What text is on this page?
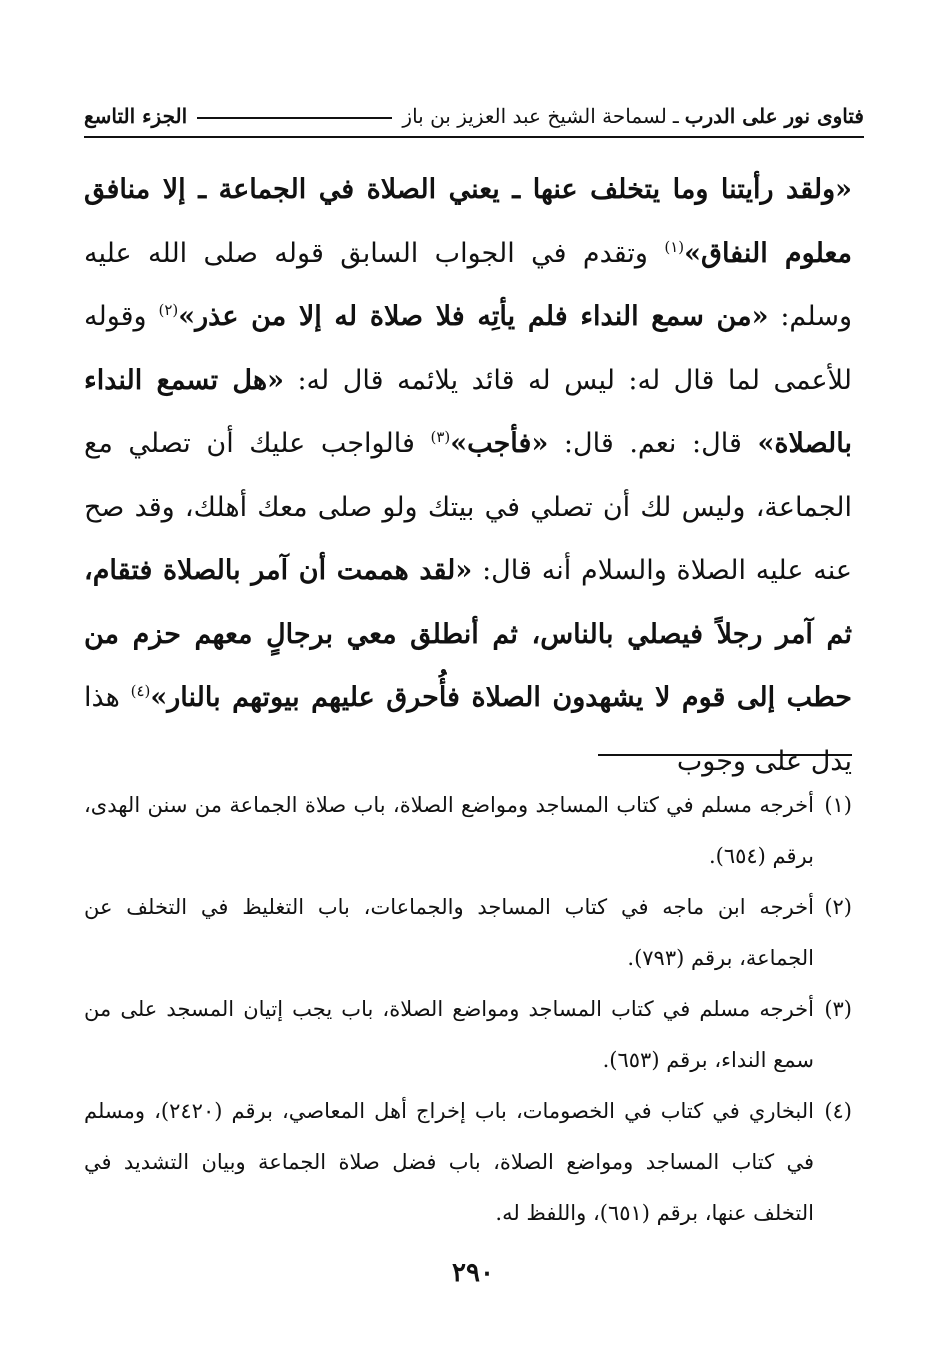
فتاوى نور على الدرب
ـ
لسماحة الشيخ عبد العزيز بن باز
الجزء التاسع
«ولقد رأيتنا وما يتخلف عنها ـ يعني الصلاة في الجماعة ـ إلا منافق معلوم النفاق»$^{(١)}$ وتقدم في الجواب السابق قوله صلى الله عليه وسلم: «من سمع النداء فلم يأتِه فلا صلاة له إلا من عذر»$^{(٢)}$ وقوله للأعمى لما قال له: ليس له قائد يلائمه قال له: «هل تسمع النداء بالصلاة» قال: نعم. قال: «فأجب»$^{(٣)}$ فالواجب عليك أن تصلي مع الجماعة، وليس لك أن تصلي في بيتك ولو صلى معك أهلك، وقد صح عنه عليه الصلاة والسلام أنه قال: «لقد هممت أن آمر بالصلاة فتقام، ثم آمر رجلاً فيصلي بالناس، ثم أنطلق معي برجالٍ معهم حزم من حطب إلى قوم لا يشهدون الصلاة فأُحرق عليهم بيوتهم بالنار»$^{(٤)}$ هذا يدل على وجوب
(١)أخرجه مسلم في كتاب المساجد ومواضع الصلاة، باب صلاة الجماعة من سنن الهدى، برقم (٦٥٤).
(٢)أخرجه ابن ماجه في كتاب المساجد والجماعات، باب التغليظ في التخلف عن الجماعة، برقم (٧٩٣).
(٣)أخرجه مسلم في كتاب المساجد ومواضع الصلاة، باب يجب إتيان المسجد على من سمع النداء، برقم (٦٥٣).
(٤)البخاري في كتاب في الخصومات، باب إخراج أهل المعاصي، برقم (٢٤٢٠)، ومسلم في كتاب المساجد ومواضع الصلاة، باب فضل صلاة الجماعة وبيان التشديد في التخلف عنها، برقم (٦٥١)، واللفظ له.
٢٩٠
